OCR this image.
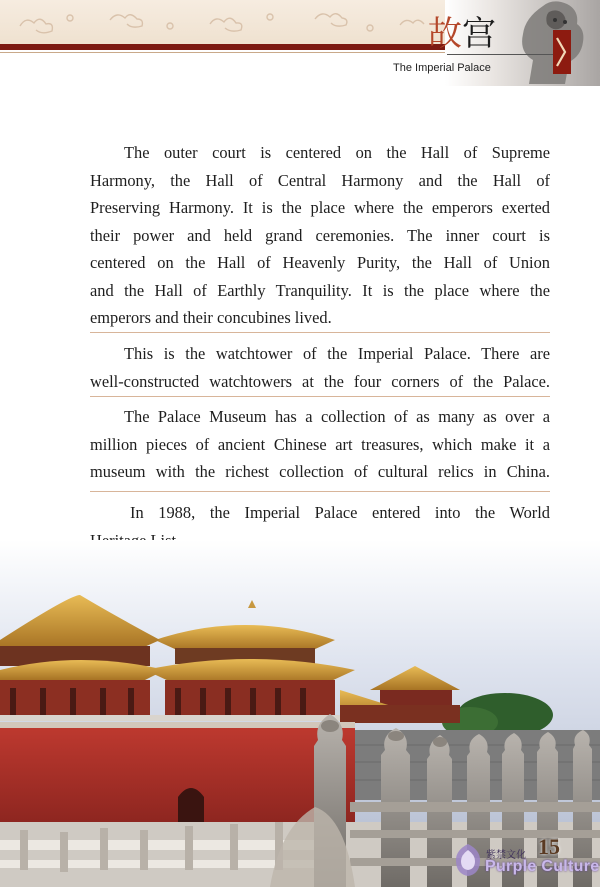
故宫
The Imperial Palace
The outer court is centered on the Hall of Supreme
Harmony, the Hall of Central Harmony and the Hall of
Preserving Harmony. It is the place where the emperors exerted
their power and held grand ceremonies. The inner court is
centered on the Hall of Heavenly Purity, the Hall of Union
and the Hall of Earthly Tranquility. It is the place where the
emperors and their concubines lived.
This is the watchtower of the Imperial Palace. There are
well-constructed watchtowers at the four corners of the Palace.
The Palace Museum has a collection of as many as over a
million pieces of ancient Chinese art treasures, which make it a
museum with the richest collection of cultural relics in China.
In 1988, the Imperial Palace entered into the World
紫禁文化
Purple Culture
15
